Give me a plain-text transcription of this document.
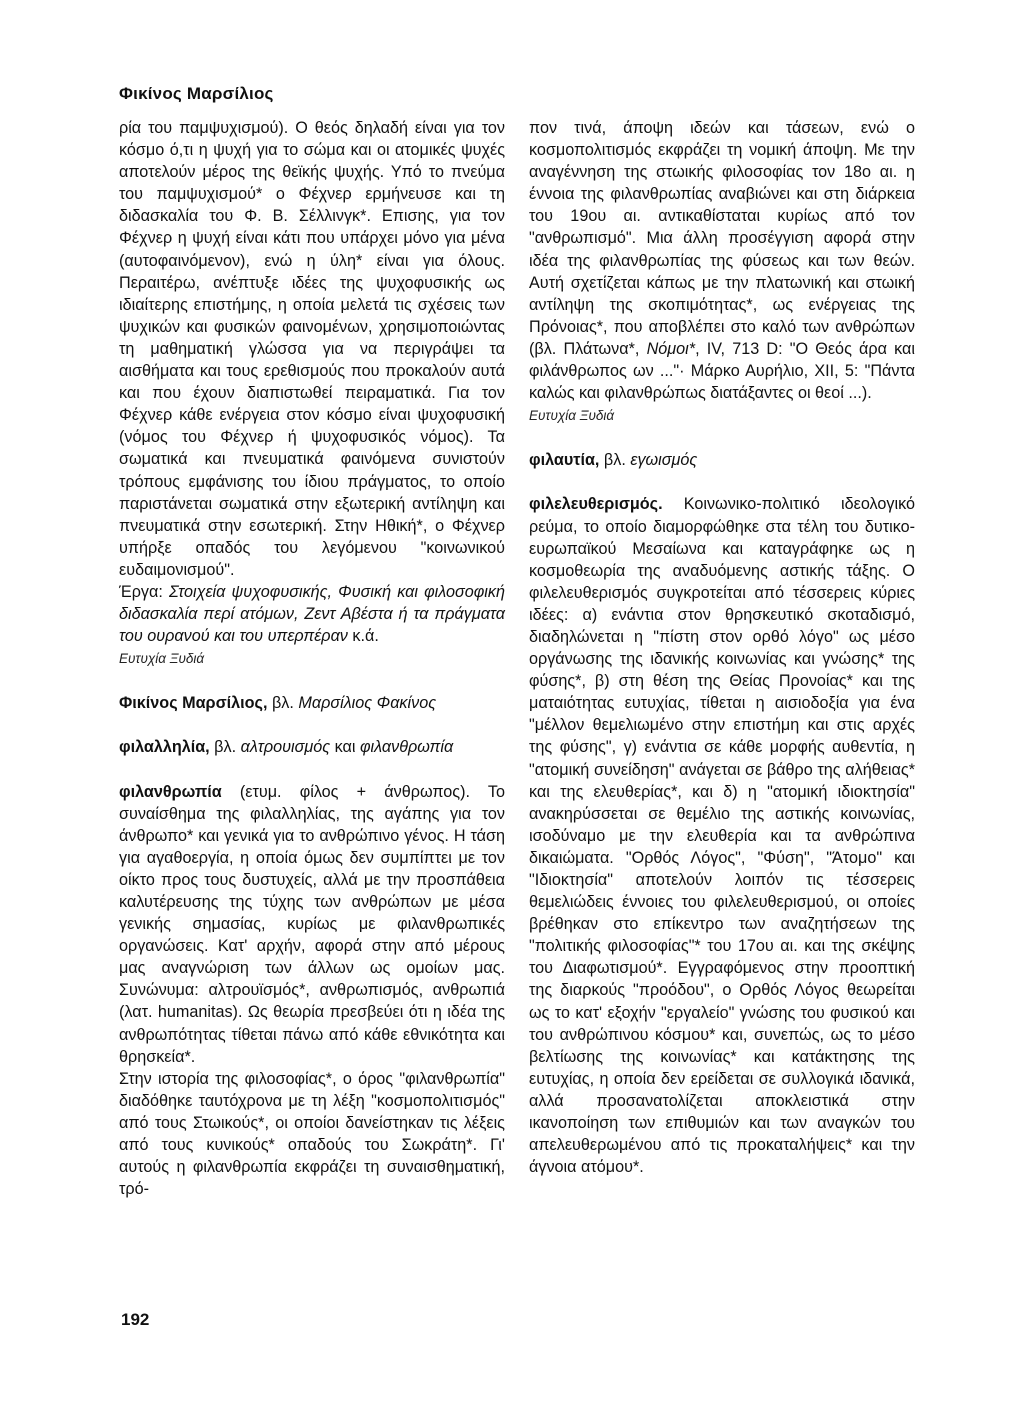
Φικίνος Μαρσίλιος

ρία του παμψυχισμού). Ο θεός δηλαδή είναι για τον κόσμο ό,τι η ψυχή για το σώμα και οι ατομικές ψυχές αποτελούν μέρος της θεϊκής ψυχής. Υπό το πνεύμα του παμψυχισμού* ο Φέχνερ ερμήνευσε και τη διδασκαλία του Φ. Β. Σέλλινγκ*. Επισης, για τον Φέχνερ η ψυχή είναι κάτι που υπάρχει μόνο για μένα (αυτοφαινόμενον), ενώ η ύλη* είναι για όλους. Περαιτέρω, ανέπτυξε ιδέες της ψυχοφυσικής ως ιδιαίτερης επιστήμης, η οποία μελετά τις σχέσεις των ψυχικών και φυσικών φαινομένων, χρησιμοποιώντας τη μαθηματική γλώσσα για να περιγράψει τα αισθήματα και τους ερεθισμούς που προκαλούν αυτά και που έχουν διαπιστωθεί πειραματικά. Για τον Φέχνερ κάθε ενέργεια στον κόσμο είναι ψυχοφυσική (νόμος του Φέχνερ ή ψυχοφυσικός νόμος). Τα σωματικά και πνευματικά φαινόμενα συνιστούν τρόπους εμφάνισης του ίδιου πράγματος, το οποίο παριστάνεται σωματικά στην εξωτερική αντίληψη και πνευματικά στην εσωτερική. Στην Ηθική*, ο Φέχνερ υπήρξε οπαδός του λεγόμενου "κοινωνικού ευδαιμονισμού".

Έργα: Στοιχεία ψυχοφυσικής, Φυσική και φιλοσοφική διδασκαλία περί ατόμων, Ζεντ Αβέστα ή τα πράγματα του ουρανού και του υπερπέραν κ.ά.

Ευτυχία Ξυδιά

Φικίνος Μαρσίλιος, βλ. Μαρσίλιος Φακίνος

φιλαλληλία, βλ. αλτρουισμός και φιλανθρωπία

φιλανθρωπία (ετυμ. φίλος + άνθρωπος). Το συναίσθημα της φιλαλληλίας, της αγάπης για τον άνθρωπο* και γενικά για το ανθρώπινο γένος. Η τάση για αγαθοεργία, η οποία όμως δεν συμπίπτει με τον οίκτο προς τους δυστυχείς, αλλά με την προσπάθεια καλυτέρευσης της τύχης των ανθρώπων με μέσα γενικής σημασίας, κυρίως με φιλανθρωπικές οργανώσεις. Κατ' αρχήν, αφορά στην από μέρους μας αναγνώριση των άλλων ως ομοίων μας. Συνώνυμα: αλτρουϊσμός*, ανθρωπισμός, ανθρωπιά (λατ. humanitas). Ως θεωρία πρεσβεύει ότι η ιδέα της ανθρωπότητας τίθεται πάνω από κάθε εθνικότητα και θρησκεία*.

Στην ιστορία της φιλοσοφίας*, ο όρος "φιλανθρωπία" διαδόθηκε ταυτόχρονα με τη λέξη "κοσμοπολιτισμός" από τους Στωικούς*, οι οποίοι δανείστηκαν τις λέξεις από τους κυνικούς* οπαδούς του Σωκράτη*. Γι' αυτούς η φιλανθρωπία εκφράζει τη συναισθηματική, τρό-

πον τινά, άποψη ιδεών και τάσεων, ενώ ο κοσμοπολιτισμός εκφράζει τη νομική άποψη. Με την αναγέννηση της στωικής φιλοσοφίας τον 18ο αι. η έννοια της φιλανθρωπίας αναβιώνει και στη διάρκεια του 19ου αι. αντικαθίσταται κυρίως από τον "ανθρωπισμό". Μια άλλη προσέγγιση αφορά στην ιδέα της φιλανθρωπίας της φύσεως και των θεών. Αυτή σχετίζεται κάπως με την πλατωνική και στωική αντίληψη της σκοπιμότητας*, ως ενέργειας της Πρόνοιας*, που αποβλέπει στο καλό των ανθρώπων (βλ. Πλάτωνα*, Νόμοι*, IV, 713 D: "Ο Θεός άρα και φιλάνθρωπος ων ..."· Μάρκο Αυρήλιο, XII, 5: "Πάντα καλώς και φιλανθρώπως διατάξαντες οι θεοί ...).

Ευτυχία Ξυδιά

φιλαυτία, βλ. εγωισμός

φιλελευθερισμός. Κοινωνικο-πολιτικό ιδεολογικό ρεύμα, το οποίο διαμορφώθηκε στα τέλη του δυτικο-ευρωπαϊκού Μεσαίωνα και καταγράφηκε ως η κοσμοθεωρία της αναδυόμενης αστικής τάξης. Ο φιλελευθερισμός συγκροτείται από τέσσερεις κύριες ιδέες: α) ενάντια στον θρησκευτικό σκοταδισμό, διαδηλώνεται η "πίστη στον ορθό λόγο" ως μέσο οργάνωσης της ιδανικής κοινωνίας και γνώσης* της φύσης*, β) στη θέση της Θείας Προνοίας* και της ματαιότητας ευτυχίας, τίθεται η αισιοδοξία για ένα "μέλλον θεμελιωμένο στην επιστήμη και στις αρχές της φύσης", γ) ενάντια σε κάθε μορφής αυθεντία, η "ατομική συνείδηση" ανάγεται σε βάθρο της αλήθειας* και της ελευθερίας*, και δ) η "ατομική ιδιοκτησία" ανακηρύσσεται σε θεμέλιο της αστικής κοινωνίας, ισοδύναμο με την ελευθερία και τα ανθρώπινα δικαιώματα. "Ορθός Λόγος", "Φύση", "Άτομο" και "Ιδιοκτησία" αποτελούν λοιπόν τις τέσσερεις θεμελιώδεις έννοιες του φιλελευθερισμού, οι οποίες βρέθηκαν στο επίκεντρο των αναζητήσεων της "πολιτικής φιλοσοφίας"* του 17ου αι. και της σκέψης του Διαφωτισμού*. Εγγραφόμενος στην προοπτική της διαρκούς "προόδου", ο Ορθός Λόγος θεωρείται ως το κατ' εξοχήν "εργαλείο" γνώσης του φυσικού και του ανθρώπινου κόσμου* και, συνεπώς, ως το μέσο βελτίωσης της κοινωνίας* και κατάκτησης της ευτυχίας, η οποία δεν ερείδεται σε συλλογικά ιδανικά, αλλά προσανατολίζεται αποκλειστικά στην ικανοποίηση των επιθυμιών και των αναγκών του απελευθερωμένου από τις προκαταλήψεις* και την άγνοια ατόμου*.

192
